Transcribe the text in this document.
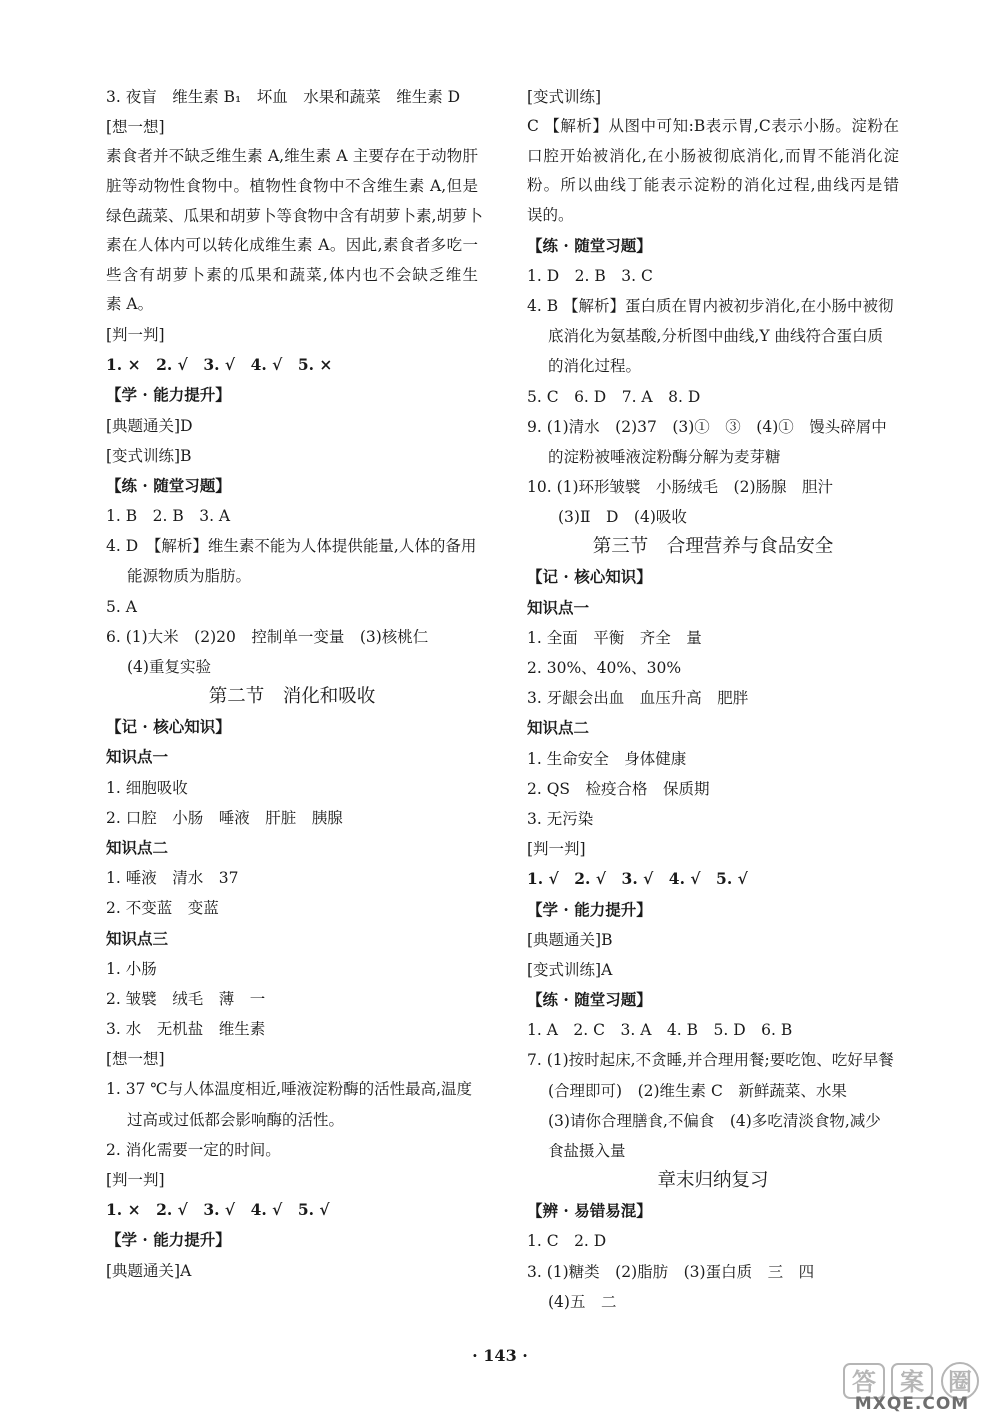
3. 夜盲　维生素 B₁　坏血　水果和蔬菜　维生素 D
[想一想]
素食者并不缺乏维生素 A,维生素 A 主要存在于动物肝
脏等动物性食物中。植物性食物中不含维生素 A,但是
绿色蔬菜、瓜果和胡萝卜等食物中含有胡萝卜素,胡萝卜
素在人体内可以转化成维生素 A。因此,素食者多吃一
些含有胡萝卜素的瓜果和蔬菜,体内也不会缺乏维生
素 A。
[判一判]
1. ×　2. √　3. √　4. √　5. ×
【学 · 能力提升】
[典题通关]D
[变式训练]B
【练 · 随堂习题】
1. B　2. B　3. A
4. D　【解析】维生素不能为人体提供能量,人体的备用
能源物质为脂肪。
5. A
6. (1)大米　(2)20　控制单一变量　(3)核桃仁
(4)重复实验
第二节　消化和吸收
【记 · 核心知识】
知识点一
1. 细胞吸收
2. 口腔　小肠　唾液　肝脏　胰腺
知识点二
1. 唾液　清水　37
2. 不变蓝　变蓝
知识点三
1. 小肠
2. 皱襞　绒毛　薄　一
3. 水　无机盐　维生素
[想一想]
1. 37 ℃与人体温度相近,唾液淀粉酶的活性最高,温度
过高或过低都会影响酶的活性。
2. 消化需要一定的时间。
[判一判]
1. ×　2. √　3. √　4. √　5. √
【学 · 能力提升】
[典题通关]A
[变式训练]
C 【解析】从图中可知:B表示胃,C表示小肠。淀粉在
口腔开始被消化,在小肠被彻底消化,而胃不能消化淀
粉。所以曲线丁能表示淀粉的消化过程,曲线丙是错
误的。
【练 · 随堂习题】
1. D　2. B　3. C
4. B 【解析】蛋白质在胃内被初步消化,在小肠中被彻
底消化为氨基酸,分析图中曲线,Y 曲线符合蛋白质
的消化过程。
5. C　6. D　7. A　8. D
9. (1)清水　(2)37　(3)①　③　(4)①　馒头碎屑中
的淀粉被唾液淀粉酶分解为麦芽糖
10. (1)环形皱襞　小肠绒毛　(2)肠腺　胆汁
(3)Ⅱ　D　(4)吸收
第三节　合理营养与食品安全
【记 · 核心知识】
知识点一
1. 全面　平衡　齐全　量
2. 30%、40%、30%
3. 牙龈会出血　血压升高　肥胖
知识点二
1. 生命安全　身体健康
2. QS　检疫合格　保质期
3. 无污染
[判一判]
1. √　2. √　3. √　4. √　5. √
【学 · 能力提升】
[典题通关]B
[变式训练]A
【练 · 随堂习题】
1. A　2. C　3. A　4. B　5. D　6. B
7. (1)按时起床,不贪睡,并合理用餐;要吃饱、吃好早餐
(合理即可)　(2)维生素 C　新鲜蔬菜、水果
(3)请你合理膳食,不偏食　(4)多吃清淡食物,减少
食盐摄入量
章末归纳复习
【辨 · 易错易混】
1. C　2. D
3. (1)糖类　(2)脂肪　(3)蛋白质　三　四
(4)五　二
· 143 ·
答 案 圈
MXQE.COM
